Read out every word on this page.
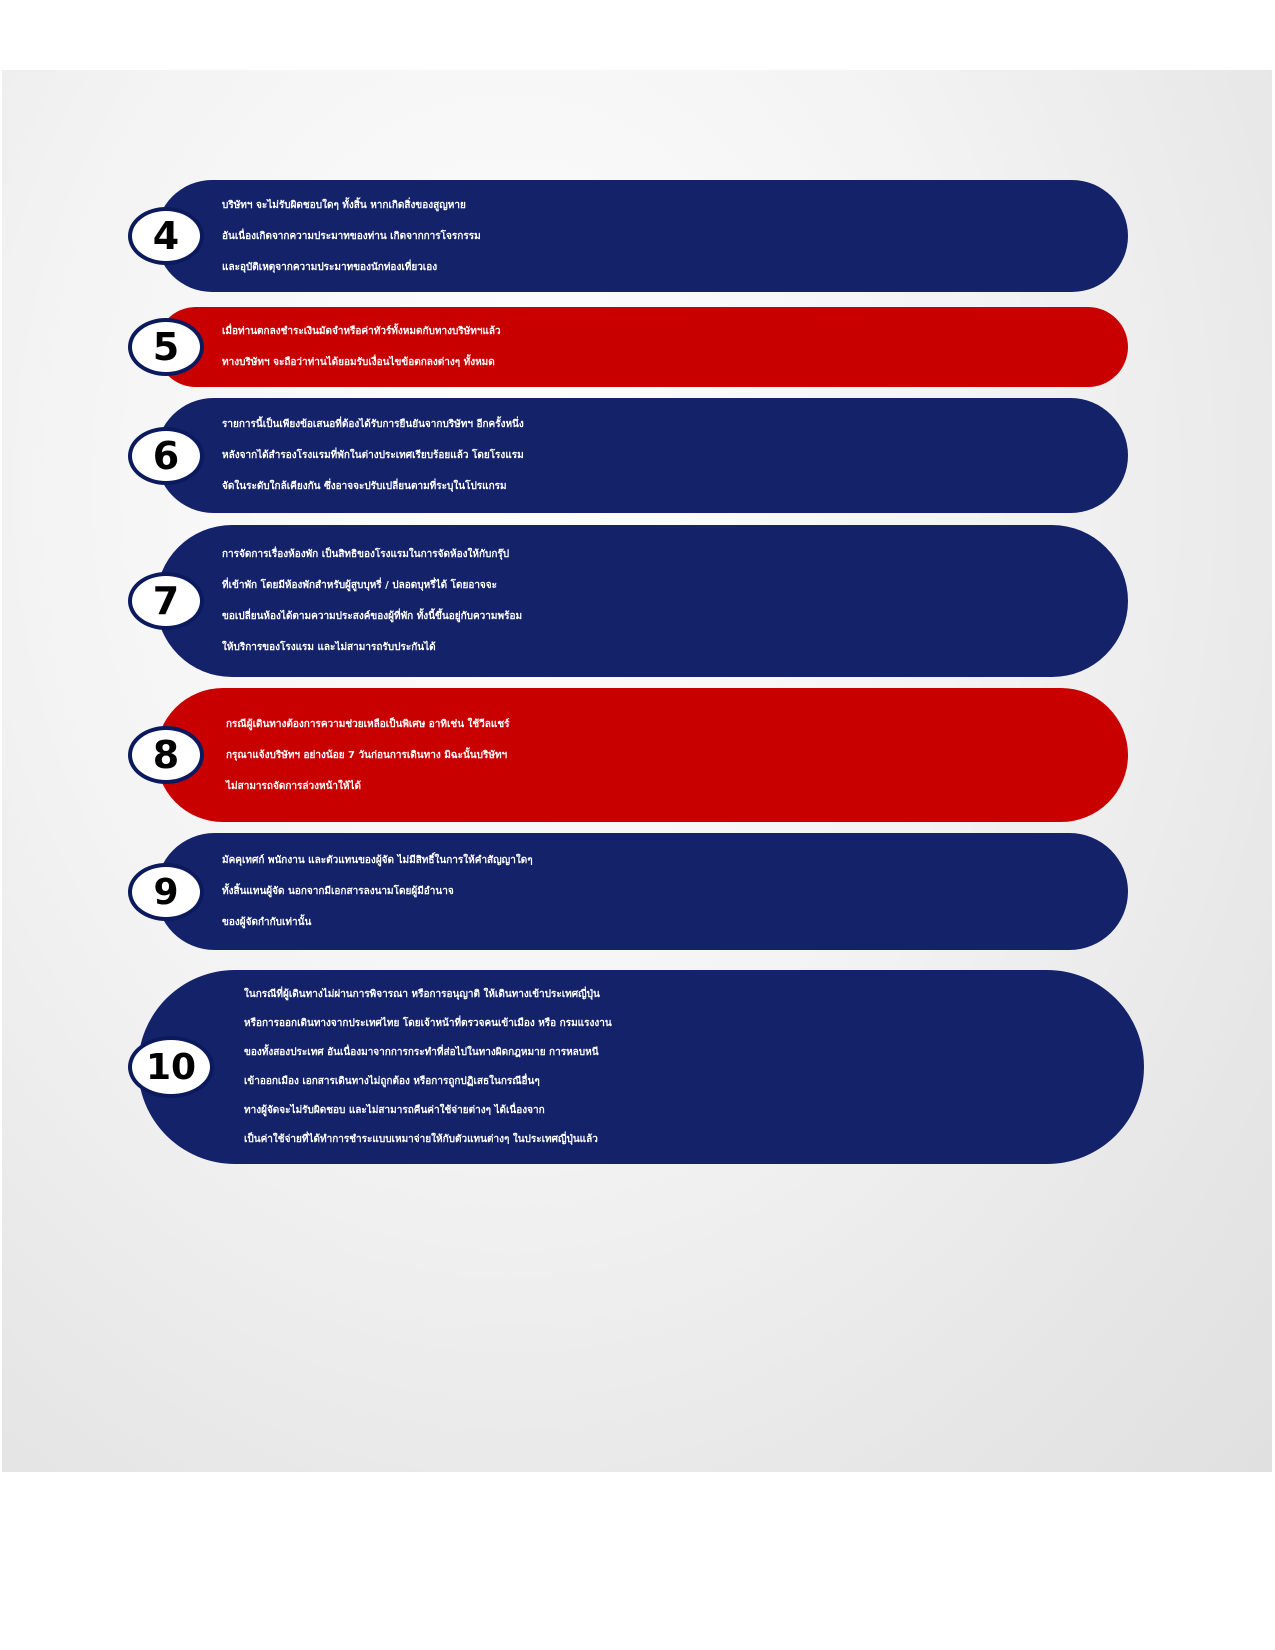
บริษัทฯ จะไม่รับผิดชอบใดๆ ทั้งสิ้น หากเกิดสิ่งของสูญหาย
อันเนื่องเกิดจากความประมาทของท่าน เกิดจากการโจรกรรม
และอุบัติเหตุจากความประมาทของนักท่องเที่ยวเอง
4
เมื่อท่านตกลงชำระเงินมัดจำหรือค่าทัวร์ทั้งหมดกับทางบริษัทฯแล้ว
ทางบริษัทฯ จะถือว่าท่านได้ยอมรับเงื่อนไขข้อตกลงต่างๆ ทั้งหมด
5
รายการนี้เป็นเพียงข้อเสนอที่ต้องได้รับการยืนยันจากบริษัทฯ อีกครั้งหนึ่ง
หลังจากได้สำรองโรงแรมที่พักในต่างประเทศเรียบร้อยแล้ว โดยโรงแรม
จัดในระดับใกล้เคียงกัน ซึ่งอาจจะปรับเปลี่ยนตามที่ระบุในโปรแกรม
6
การจัดการเรื่องห้องพัก เป็นสิทธิของโรงแรมในการจัดห้องให้กับกรุ๊ป
ที่เข้าพัก โดยมีห้องพักสำหรับผู้สูบบุหรี่ / ปลอดบุหรี่ได้ โดยอาจจะ
ขอเปลี่ยนห้องได้ตามความประสงค์ของผู้ที่พัก ทั้งนี้ขึ้นอยู่กับความพร้อม
ให้บริการของโรงแรม และไม่สามารถรับประกันได้
7
กรณีผู้เดินทางต้องการความช่วยเหลือเป็นพิเศษ อาทิเช่น ใช้วีลแชร์
กรุณาแจ้งบริษัทฯ อย่างน้อย 7 วันก่อนการเดินทาง มิฉะนั้นบริษัทฯ
ไม่สามารถจัดการล่วงหน้าให้ได้
8
มัคคุเทศก์ พนักงาน และตัวแทนของผู้จัด ไม่มีสิทธิ์ในการให้คำสัญญาใดๆ
ทั้งสิ้นแทนผู้จัด นอกจากมีเอกสารลงนามโดยผู้มีอำนาจ
ของผู้จัดกำกับเท่านั้น
9
ในกรณีที่ผู้เดินทางไม่ผ่านการพิจารณา หรือการอนุญาติ ให้เดินทางเข้าประเทศญี่ปุ่น
หรือการออกเดินทางจากประเทศไทย โดยเจ้าหน้าที่ตรวจคนเข้าเมือง หรือ กรมแรงงาน
ของทั้งสองประเทศ อันเนื่องมาจากการกระทำที่ส่อไปในทางผิดกฎหมาย การหลบหนี
เข้าออกเมือง เอกสารเดินทางไม่ถูกต้อง หรือการถูกปฏิเสธในกรณีอื่นๆ
ทางผู้จัดจะไม่รับผิดชอบ และไม่สามารถคืนค่าใช้จ่ายต่างๆ ได้เนื่องจาก
เป็นค่าใช้จ่ายที่ได้ทำการชำระแบบเหมาจ่ายให้กับตัวแทนต่างๆ ในประเทศญี่ปุ่นแล้ว
10
